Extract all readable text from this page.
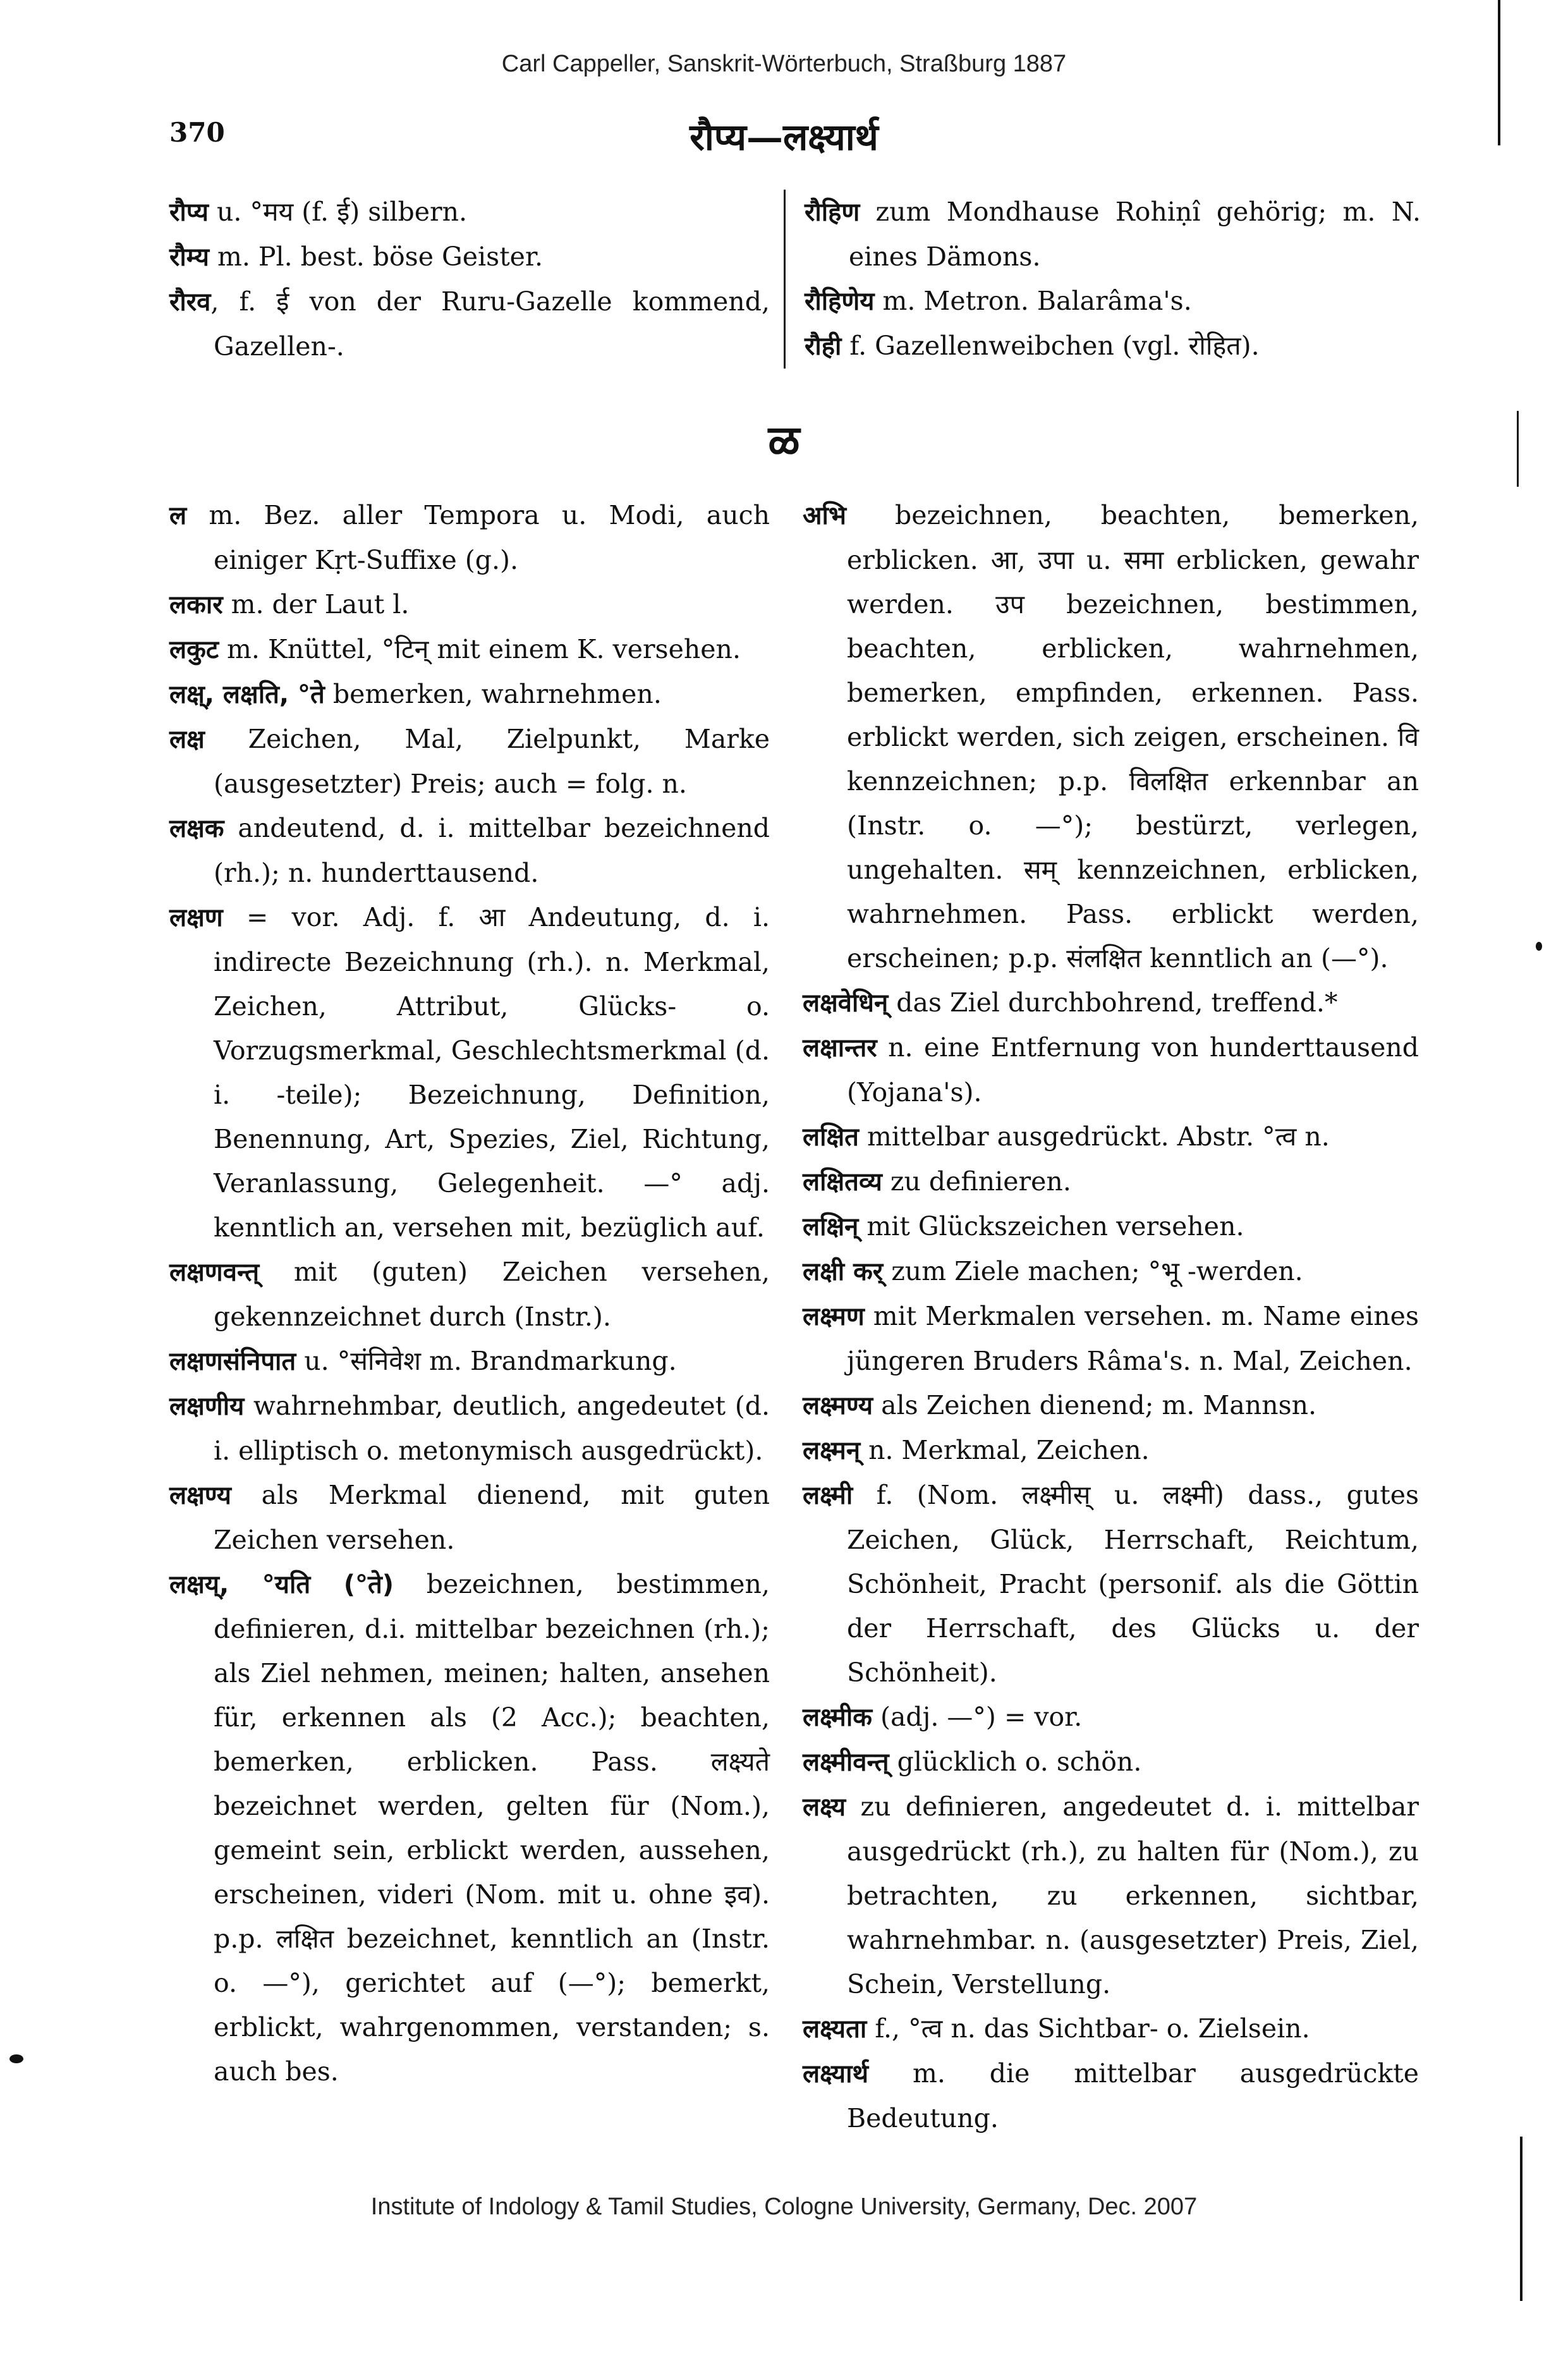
Carl Cappeller, Sanskrit-Wörterbuch, Straßburg 1887
370	रौप्य—लक्ष्यार्थ

रौप्य u. °मय (f. ई) silbern.

रौम्य m. Pl. best. böse Geister.

रौरव, f. ई von der Ruru-Gazelle kommend, Gazellen-.

रौहिण zum Mondhause Rohiṇî gehörig; m. N. eines Dämons.

रौहिणेय m. Metron. Balarâma's.

रौही f. Gazellenweibchen (vgl. रोहित).

ळ

ल m. Bez. aller Tempora u. Modi, auch einiger Kṛt-Suffixe (g.).

लकार m. der Laut l.

लकुट m. Knüttel, °टिन् mit einem K. versehen.

लक्ष्, लक्षति, °ते bemerken, wahrnehmen.

लक्ष Zeichen, Mal, Zielpunkt, Marke (ausgesetzter) Preis; auch = folg. n.

लक्षक andeutend, d. i. mittelbar bezeichnend (rh.); n. hunderttausend.

लक्षण = vor. Adj. f. आ Andeutung, d. i. indirecte Bezeichnung (rh.). n. Merkmal, Zeichen, Attribut, Glücks- o. Vorzugsmerkmal, Geschlechtsmerkmal (d. i. -teile); Bezeichnung, Definition, Benennung, Art, Spezies, Ziel, Richtung, Veranlassung, Gelegenheit. —° adj. kenntlich an, versehen mit, bezüglich auf.

लक्षणवन्त् mit (guten) Zeichen versehen, gekennzeichnet durch (Instr.).

लक्षणसंनिपात u. °संनिवेश m. Brandmarkung.

लक्षणीय wahrnehmbar, deutlich, angedeutet (d. i. elliptisch o. metonymisch ausgedrückt).

लक्षण्य als Merkmal dienend, mit guten Zeichen versehen.

लक्षय्, °यति (°ते) bezeichnen, bestimmen, definieren, d.i. mittelbar bezeichnen (rh.); als Ziel nehmen, meinen; halten, ansehen für, erkennen als (2 Acc.); beachten, bemerken, erblicken. Pass. लक्ष्यते bezeichnet werden, gelten für (Nom.), gemeint sein, erblickt werden, aussehen, erscheinen, videri (Nom. mit u. ohne इव). p.p. लक्षित bezeichnet, kenntlich an (Instr. o. —°), gerichtet auf (—°); bemerkt, erblickt, wahrgenommen, verstanden; s. auch bes.

अभि bezeichnen, beachten, bemerken, erblicken. आ, उपा u. समा erblicken, gewahr werden. उप bezeichnen, bestimmen, beachten, erblicken, wahrnehmen, bemerken, empfinden, erkennen. Pass. erblickt werden, sich zeigen, erscheinen. वि kennzeichnen; p.p. विलक्षित erkennbar an (Instr. o. —°); bestürzt, verlegen, ungehalten. सम् kennzeichnen, erblicken, wahrnehmen. Pass. erblickt werden, erscheinen; p.p. संलक्षित kenntlich an (—°).

लक्षवेधिन् das Ziel durchbohrend, treffend.*

लक्षान्तर n. eine Entfernung von hunderttausend (Yojana's).

लक्षित mittelbar ausgedrückt. Abstr. °त्व n.

लक्षितव्य zu definieren.

लक्षिन् mit Glückszeichen versehen.

लक्षी कर् zum Ziele machen; °भू -werden.

लक्ष्मण mit Merkmalen versehen. m. Name eines jüngeren Bruders Râma's. n. Mal, Zeichen.

लक्ष्मण्य als Zeichen dienend; m. Mannsn.

लक्ष्मन् n. Merkmal, Zeichen.

लक्ष्मी f. (Nom. लक्ष्मीस् u. लक्ष्मी) dass., gutes Zeichen, Glück, Herrschaft, Reichtum, Schönheit, Pracht (personif. als die Göttin der Herrschaft, des Glücks u. der Schönheit).

लक्ष्मीक (adj. —°) = vor.

लक्ष्मीवन्त् glücklich o. schön.

लक्ष्य zu definieren, angedeutet d. i. mittelbar ausgedrückt (rh.), zu halten für (Nom.), zu betrachten, zu erkennen, sichtbar, wahrnehmbar. n. (ausgesetzter) Preis, Ziel, Schein, Verstellung.

लक्ष्यता f., °त्व n. das Sichtbar- o. Zielsein.

लक्ष्यार्थ m. die mittelbar ausgedrückte Bedeutung.

Institute of Indology & Tamil Studies, Cologne University, Germany, Dec. 2007
